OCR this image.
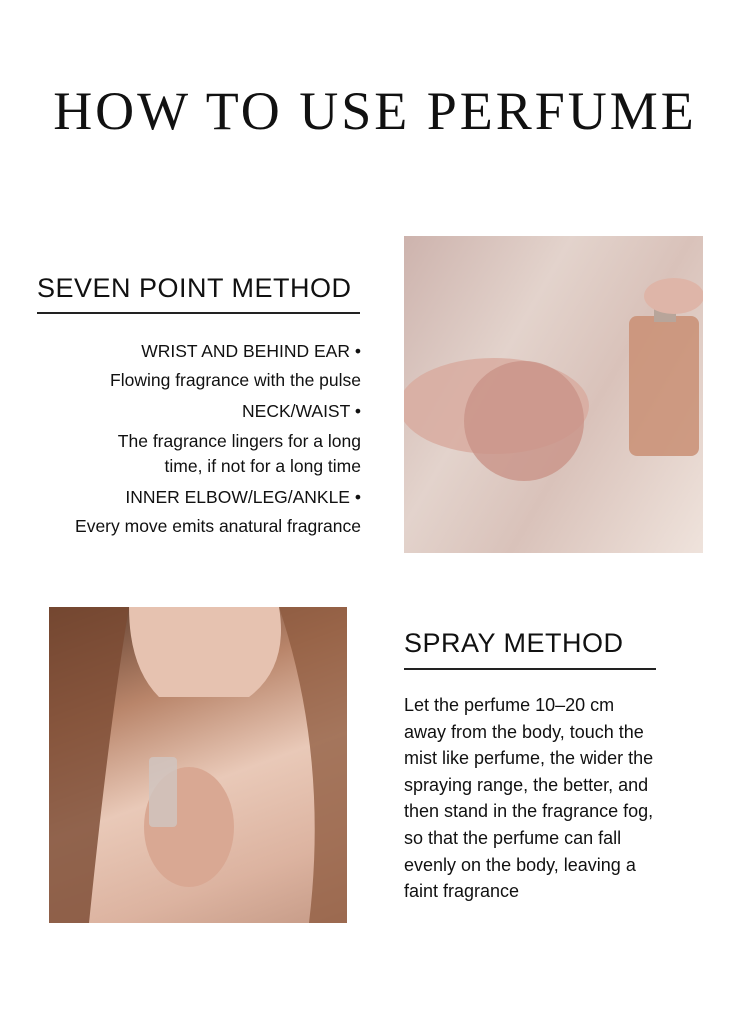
HOW TO USE PERFUME
SEVEN POINT METHOD
WRIST AND BEHIND EAR •
Flowing fragrance with the pulse
NECK/WAIST •
The fragrance lingers for a long
time, if not for a long time
INNER ELBOW/LEG/ANKLE •
Every move emits anatural fragrance
SPRAY METHOD
Let the perfume 10–20 cm
away from the body, touch the
mist like perfume, the wider the
spraying range, the better, and
then stand in the fragrance fog,
so that the perfume can fall
evenly on the body, leaving a
faint fragrance
